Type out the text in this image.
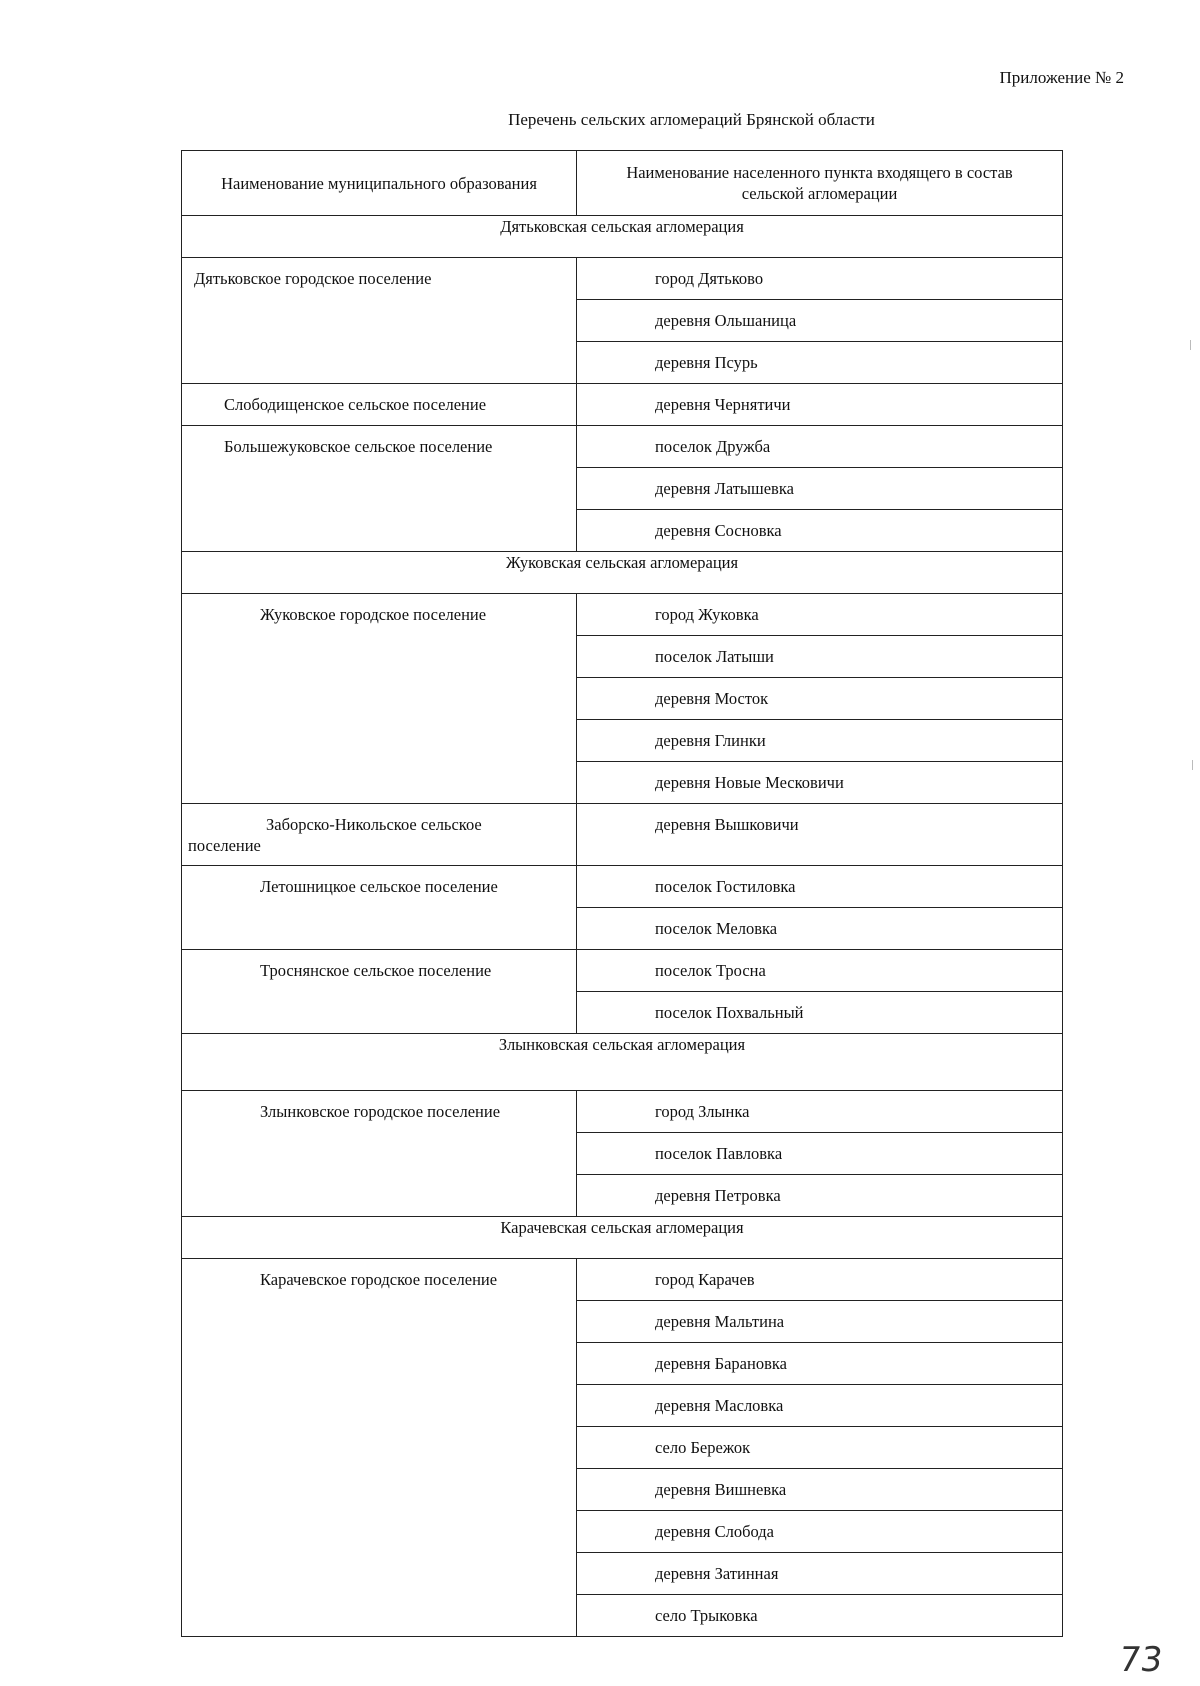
Приложение № 2
Перечень сельских агломераций Брянской области
Наименование муниципального образования	Наименование населенного пункта входящего в состав сельской агломерации
Дятьковская сельская агломерация	

Дятьковское городское поселение	город Дятьково

	деревня Ольшаница

	деревня Псурь

Слободищенское сельское поселение	деревня Чернятичи

Большежуковское сельское поселение	поселок Дружба

	деревня Латышевка

	деревня Сосновка

Жуковская сельская агломерация	

Жуковское городское поселение	город Жуковка

	поселок Латыши

	деревня Мосток

	деревня Глинки

	деревня Новые Месковичи

Заборско-Никольское сельское поселение	деревня Вышковичи

Летошницкое сельское поселение	поселок Гостиловка

	поселок Меловка

Троснянское сельское поселение	поселок Тросна

	поселок Похвальный

Злынковская сельская агломерация	

Злынковское городское поселение	город Злынка

	поселок Павловка

	деревня Петровка

Карачевская сельская агломерация	

Карачевское городское поселение	город Карачев

	деревня Мальтина

	деревня Барановка

	деревня Масловка

	село Бережок

	деревня Вишневка

	деревня Слобода

	деревня Затинная

	село Трыковка
73
